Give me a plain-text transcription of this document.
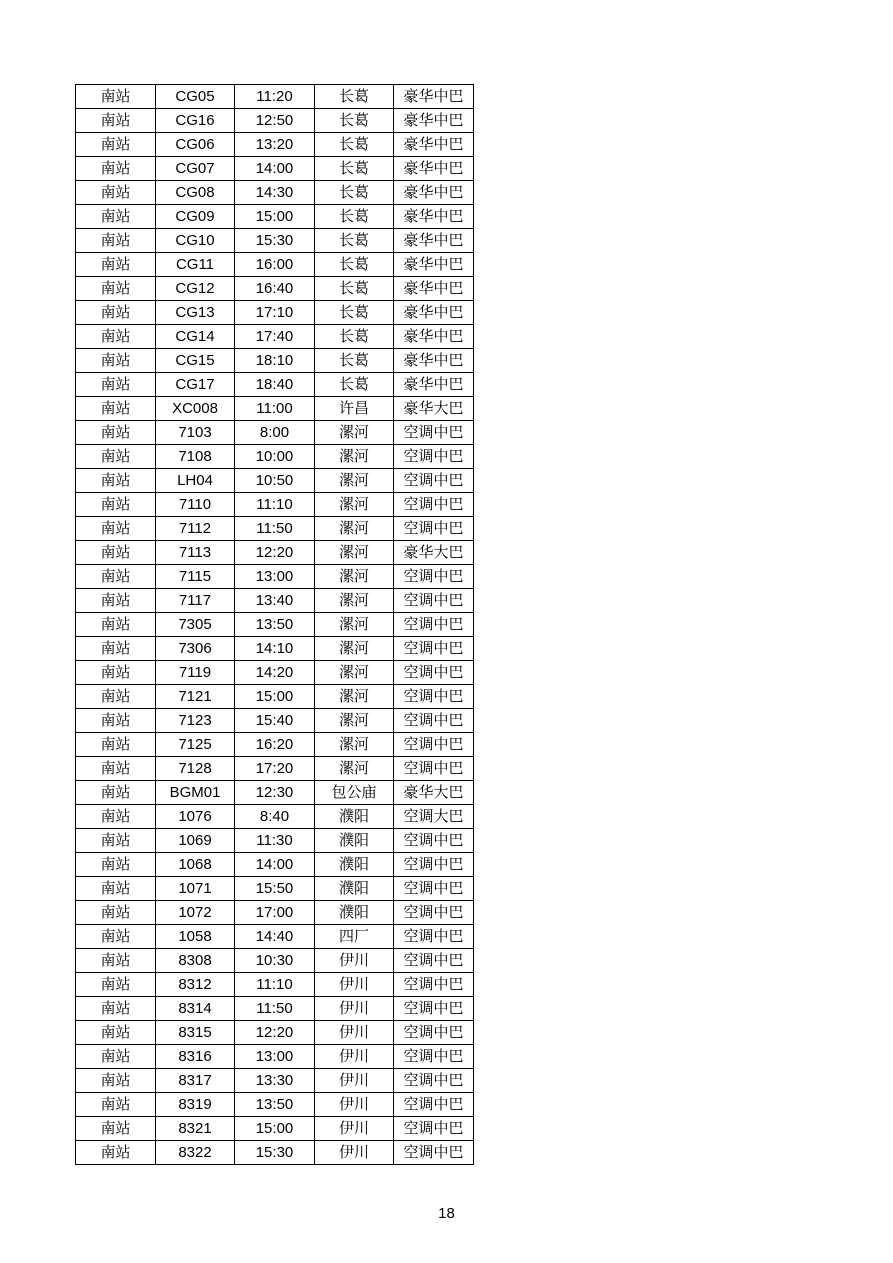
南站	CG05	11:20	长葛	豪华中巴
南站	CG16	12:50	长葛	豪华中巴
南站	CG06	13:20	长葛	豪华中巴
南站	CG07	14:00	长葛	豪华中巴
南站	CG08	14:30	长葛	豪华中巴
南站	CG09	15:00	长葛	豪华中巴
南站	CG10	15:30	长葛	豪华中巴
南站	CG11	16:00	长葛	豪华中巴
南站	CG12	16:40	长葛	豪华中巴
南站	CG13	17:10	长葛	豪华中巴
南站	CG14	17:40	长葛	豪华中巴
南站	CG15	18:10	长葛	豪华中巴
南站	CG17	18:40	长葛	豪华中巴
南站	XC008	11:00	许昌	豪华大巴
南站	7103	8:00	漯河	空调中巴
南站	7108	10:00	漯河	空调中巴
南站	LH04	10:50	漯河	空调中巴
南站	7110	11:10	漯河	空调中巴
南站	7112	11:50	漯河	空调中巴
南站	7113	12:20	漯河	豪华大巴
南站	7115	13:00	漯河	空调中巴
南站	7117	13:40	漯河	空调中巴
南站	7305	13:50	漯河	空调中巴
南站	7306	14:10	漯河	空调中巴
南站	7119	14:20	漯河	空调中巴
南站	7121	15:00	漯河	空调中巴
南站	7123	15:40	漯河	空调中巴
南站	7125	16:20	漯河	空调中巴
南站	7128	17:20	漯河	空调中巴
南站	BGM01	12:30	包公庙	豪华大巴
南站	1076	8:40	濮阳	空调大巴
南站	1069	11:30	濮阳	空调中巴
南站	1068	14:00	濮阳	空调中巴
南站	1071	15:50	濮阳	空调中巴
南站	1072	17:00	濮阳	空调中巴
南站	1058	14:40	四厂	空调中巴
南站	8308	10:30	伊川	空调中巴
南站	8312	11:10	伊川	空调中巴
南站	8314	11:50	伊川	空调中巴
南站	8315	12:20	伊川	空调中巴
南站	8316	13:00	伊川	空调中巴
南站	8317	13:30	伊川	空调中巴
南站	8319	13:50	伊川	空调中巴
南站	8321	15:00	伊川	空调中巴
南站	8322	15:30	伊川	空调中巴
18
